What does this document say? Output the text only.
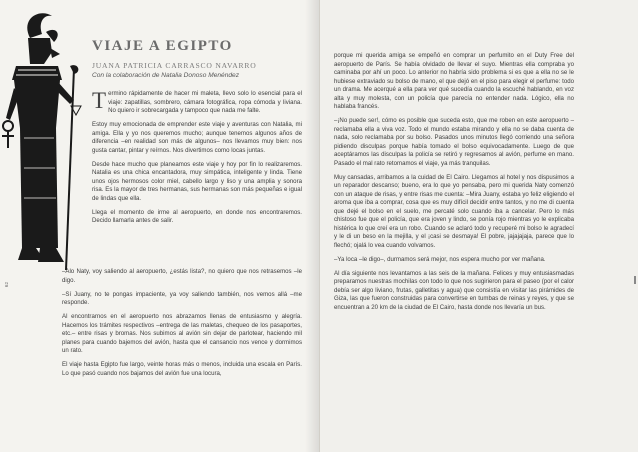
VIAJE A EGIPTO

JUANA PATRICIA CARRASCO NAVARRO

Con la colaboración de Natalia Donoso Menéndez

Termino rápidamente de hacer mi maleta, llevo solo lo esencial para el viaje: zapatillas, sombrero, cámara fotográfica, ropa cómoda y liviana. No quiero ir sobrecargada y tampoco que nada me falte.

Estoy muy emocionada de emprender este viaje y aventuras con Natalia, mi amiga. Ella y yo nos queremos mucho; aunque tenemos algunos años de diferencia –en realidad son más de algunos– nos llevamos muy bien: nos gusta cantar, pintar y reírnos. Nos divertimos como locas juntas.

Desde hace mucho que planeamos este viaje y hoy por fin lo realizaremos. Natalia es una chica encantadora, muy simpática, inteligente y linda. Tiene unos ojos hermosos color miel, cabello largo y liso y una amplia y sonora risa. Es la mayor de tres hermanas, sus hermanas son más pequeñas e igual de lindas que ella.

Llega el momento de irme al aeropuerto, en donde nos encontraremos. Decido llamarla antes de salir.

–Alo Naty, voy saliendo al aeropuerto, ¿estás lista?, no quiero que nos retrasemos –le digo.

–Sí Juany, no te pongas impaciente, ya voy saliendo también, nos vemos allá –me responde.

Al encontrarnos en el aeropuerto nos abrazamos llenas de entusiasmo y alegría. Hacemos los trámites respectivos –entrega de las maletas, chequeo de los pasaportes, etc.– entre risas y bromas. Nos subimos al avión sin dejar de parlotear, haciendo mil planes para cuando bajemos del avión, hasta que el cansancio nos vence y dormimos un rato.

El viaje hasta Egipto fue largo, veinte horas más o menos, incluida una escala en París. Lo que pasó cuando nos bajamos del avión fue una locura,

62

porque mi querida amiga se empeñó en comprar un perfumito en el Duty Free del aeropuerto de París. Se había olvidado de llevar el suyo. Mientras ella compraba yo caminaba por ahí un poco. Lo anterior no habría sido problema si es que a ella no se le hubiese extraviado su bolso de mano, el que dejó en el piso para elegir el perfume: todo un drama. Me acerqué a ella para ver qué sucedía cuando la escuché hablando, en voz alta y muy molesta, con un policía que parecía no entender nada. Lógico, ella no hablaba francés.

–¡No puede ser!, cómo es posible que suceda esto, que me roben en este aeropuerto – reclamaba ella a viva voz. Todo el mundo estaba mirando y ella no se daba cuenta de nada, solo reclamaba por su bolso. Pasados unos minutos llegó corriendo una señora pidiendo disculpas porque había tomado el bolso equivocadamente. Luego de que aceptáramos las disculpas la policía se retiró y regresamos al avión, perfume en mano. Pasado el mal rato retomamos el viaje, ya más tranquilas.

Muy cansadas, arribamos a la cuidad de El Cairo. Llegamos al hotel y nos dispusimos a un reparador descanso; bueno, era lo que yo pensaba, pero mi querida Naty comenzó con un ataque de risas, y entre risas me cuenta: –Mira Juany, estaba yo feliz eligiendo el aroma que iba a comprar, cosa que es muy difícil decidir entre tantos, y no me di cuenta que dejé el bolso en el suelo, me percaté solo cuando iba a cancelar. Pero lo más chistoso fue que el policía, que era joven y lindo, se ponía rojo mientras yo le explicaba histérica lo que creí era un robo. Cuando se aclaró todo y recuperé mi bolso le agradecí y le di un beso en la mejilla, y el ¡casi se desmaya! El pobre, jajajajaja, parece que lo flechó; ojalá lo vea cuando volvamos.

–Ya loca –le digo–, durmamos será mejor, nos espera mucho por ver mañana.

Al día siguiente nos levantamos a las seis de la mañana. Felices y muy entusiasmadas preparamos nuestras mochilas con todo lo que nos sugirieron para el paseo (por el calor debía ser algo liviano, frutas, galletitas y agua) que consistía en visitar las pirámides de Giza, las que fueron construidas para convertirse en tumbas de reinas y reyes, y que se encuentran a 20 km de la ciudad de El Cairo, hasta donde nos llevaría un bus.
